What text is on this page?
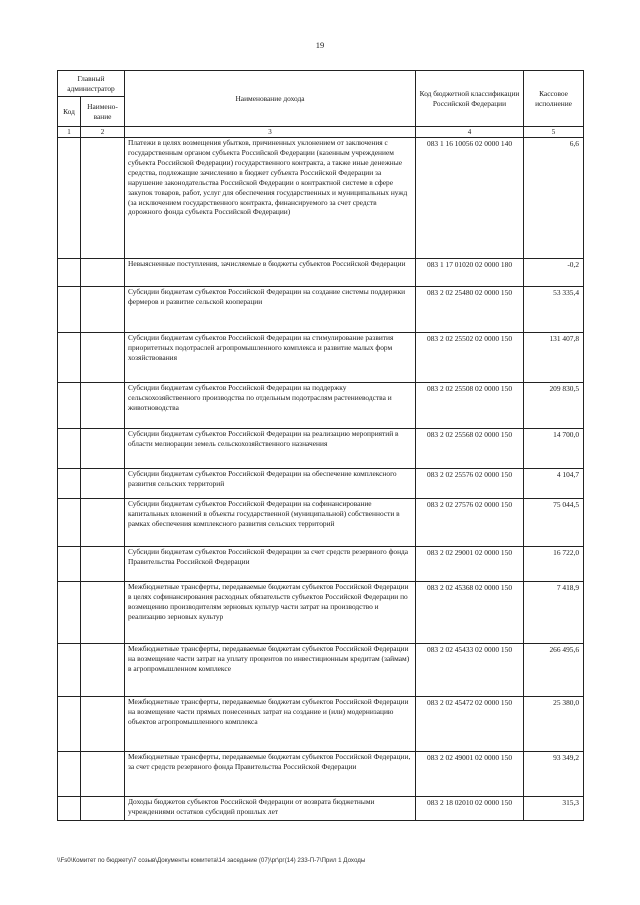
19
Главный администратор		Наименование дохода	Код бюджетной классификации Российской Федерации	Кассовое исполнение
Код	Наимено-вание			
1	2	3	4	5
		Платежи в целях возмещения убытков, причиненных уклонением от заключения с государственным органом субъекта Российской Федерации (казенным учреждением субъекта Российской Федерации) государственного контракта, а также иные денежные средства, подлежащие зачислению в бюджет субъекта Российской Федерации за нарушение законодательства Российской Федерации о контрактной системе в сфере закупок товаров, работ, услуг для обеспечения государственных и муниципальных нужд (за исключением государственного контракта, финансируемого за счет средств дорожного фонда субъекта Российской Федерации)	083 1 16 10056 02 0000 140	6,6
		Невыясненные поступления, зачисляемые в бюджеты субъектов Российской Федерации	083 1 17 01020 02 0000 180	-0,2
		Субсидии бюджетам субъектов Российской Федерации на создание системы поддержки фермеров и развитие сельской кооперации	083 2 02 25480 02 0000 150	53 335,4
		Субсидии бюджетам субъектов Российской Федерации на стимулирование развития приоритетных подотраслей агропромышленного комплекса и развитие малых форм хозяйствования	083 2 02 25502 02 0000 150	131 407,8
		Субсидии бюджетам субъектов Российской Федерации на поддержку сельскохозяйственного производства по отдельным подотраслям растениеводства и животноводства	083 2 02 25508 02 0000 150	209 830,5
		Субсидии бюджетам субъектов Российской Федерации на реализацию мероприятий в области мелиорации земель сельскохозяйственного назначения	083 2 02 25568 02 0000 150	14 700,0
		Субсидии бюджетам субъектов Российской Федерации на обеспечение комплексного развития сельских территорий	083 2 02 25576 02 0000 150	4 104,7
		Субсидии бюджетам субъектов Российской Федерации на софинансирование капитальных вложений в объекты государственной (муниципальной) собственности в рамках обеспечения комплексного развития сельских территорий	083 2 02 27576 02 0000 150	75 044,5
		Субсидии бюджетам субъектов Российской Федерации за счет средств резервного фонда Правительства Российской Федерации	083 2 02 29001 02 0000 150	16 722,0
		Межбюджетные трансферты, передаваемые бюджетам субъектов Российской Федерации в целях софинансирования расходных обязательств субъектов Российской Федерации по возмещению производителям зерновых культур части затрат на производство и реализацию зерновых культур	083 2 02 45368 02 0000 150	7 418,9
		Межбюджетные трансферты, передаваемые бюджетам субъектов Российской Федерации на возмещение части затрат на уплату процентов по инвестиционным кредитам (займам) в агропромышленном комплексе	083 2 02 45433 02 0000 150	266 495,6
		Межбюджетные трансферты, передаваемые бюджетам субъектов Российской Федерации на возмещение части прямых понесенных затрат на создание и (или) модернизацию объектов агропромышленного комплекса	083 2 02 45472 02 0000 150	25 380,0
		Межбюджетные трансферты, передаваемые бюджетам субъектов Российской Федерации, за счет средств резервного фонда Правительства Российской Федерации	083 2 02 49001 02 0000 150	93 349,2
		Доходы бюджетов субъектов Российской Федерации от возврата бюджетными учреждениями остатков субсидий прошлых лет	083 2 18 02010 02 0000 150	315,3
\\Fs0\Комитет по бюджету\7 созыв\Документы комитета\14 заседание (07)\рг\рг(14) 233-П-7\Прил 1 Доходы
